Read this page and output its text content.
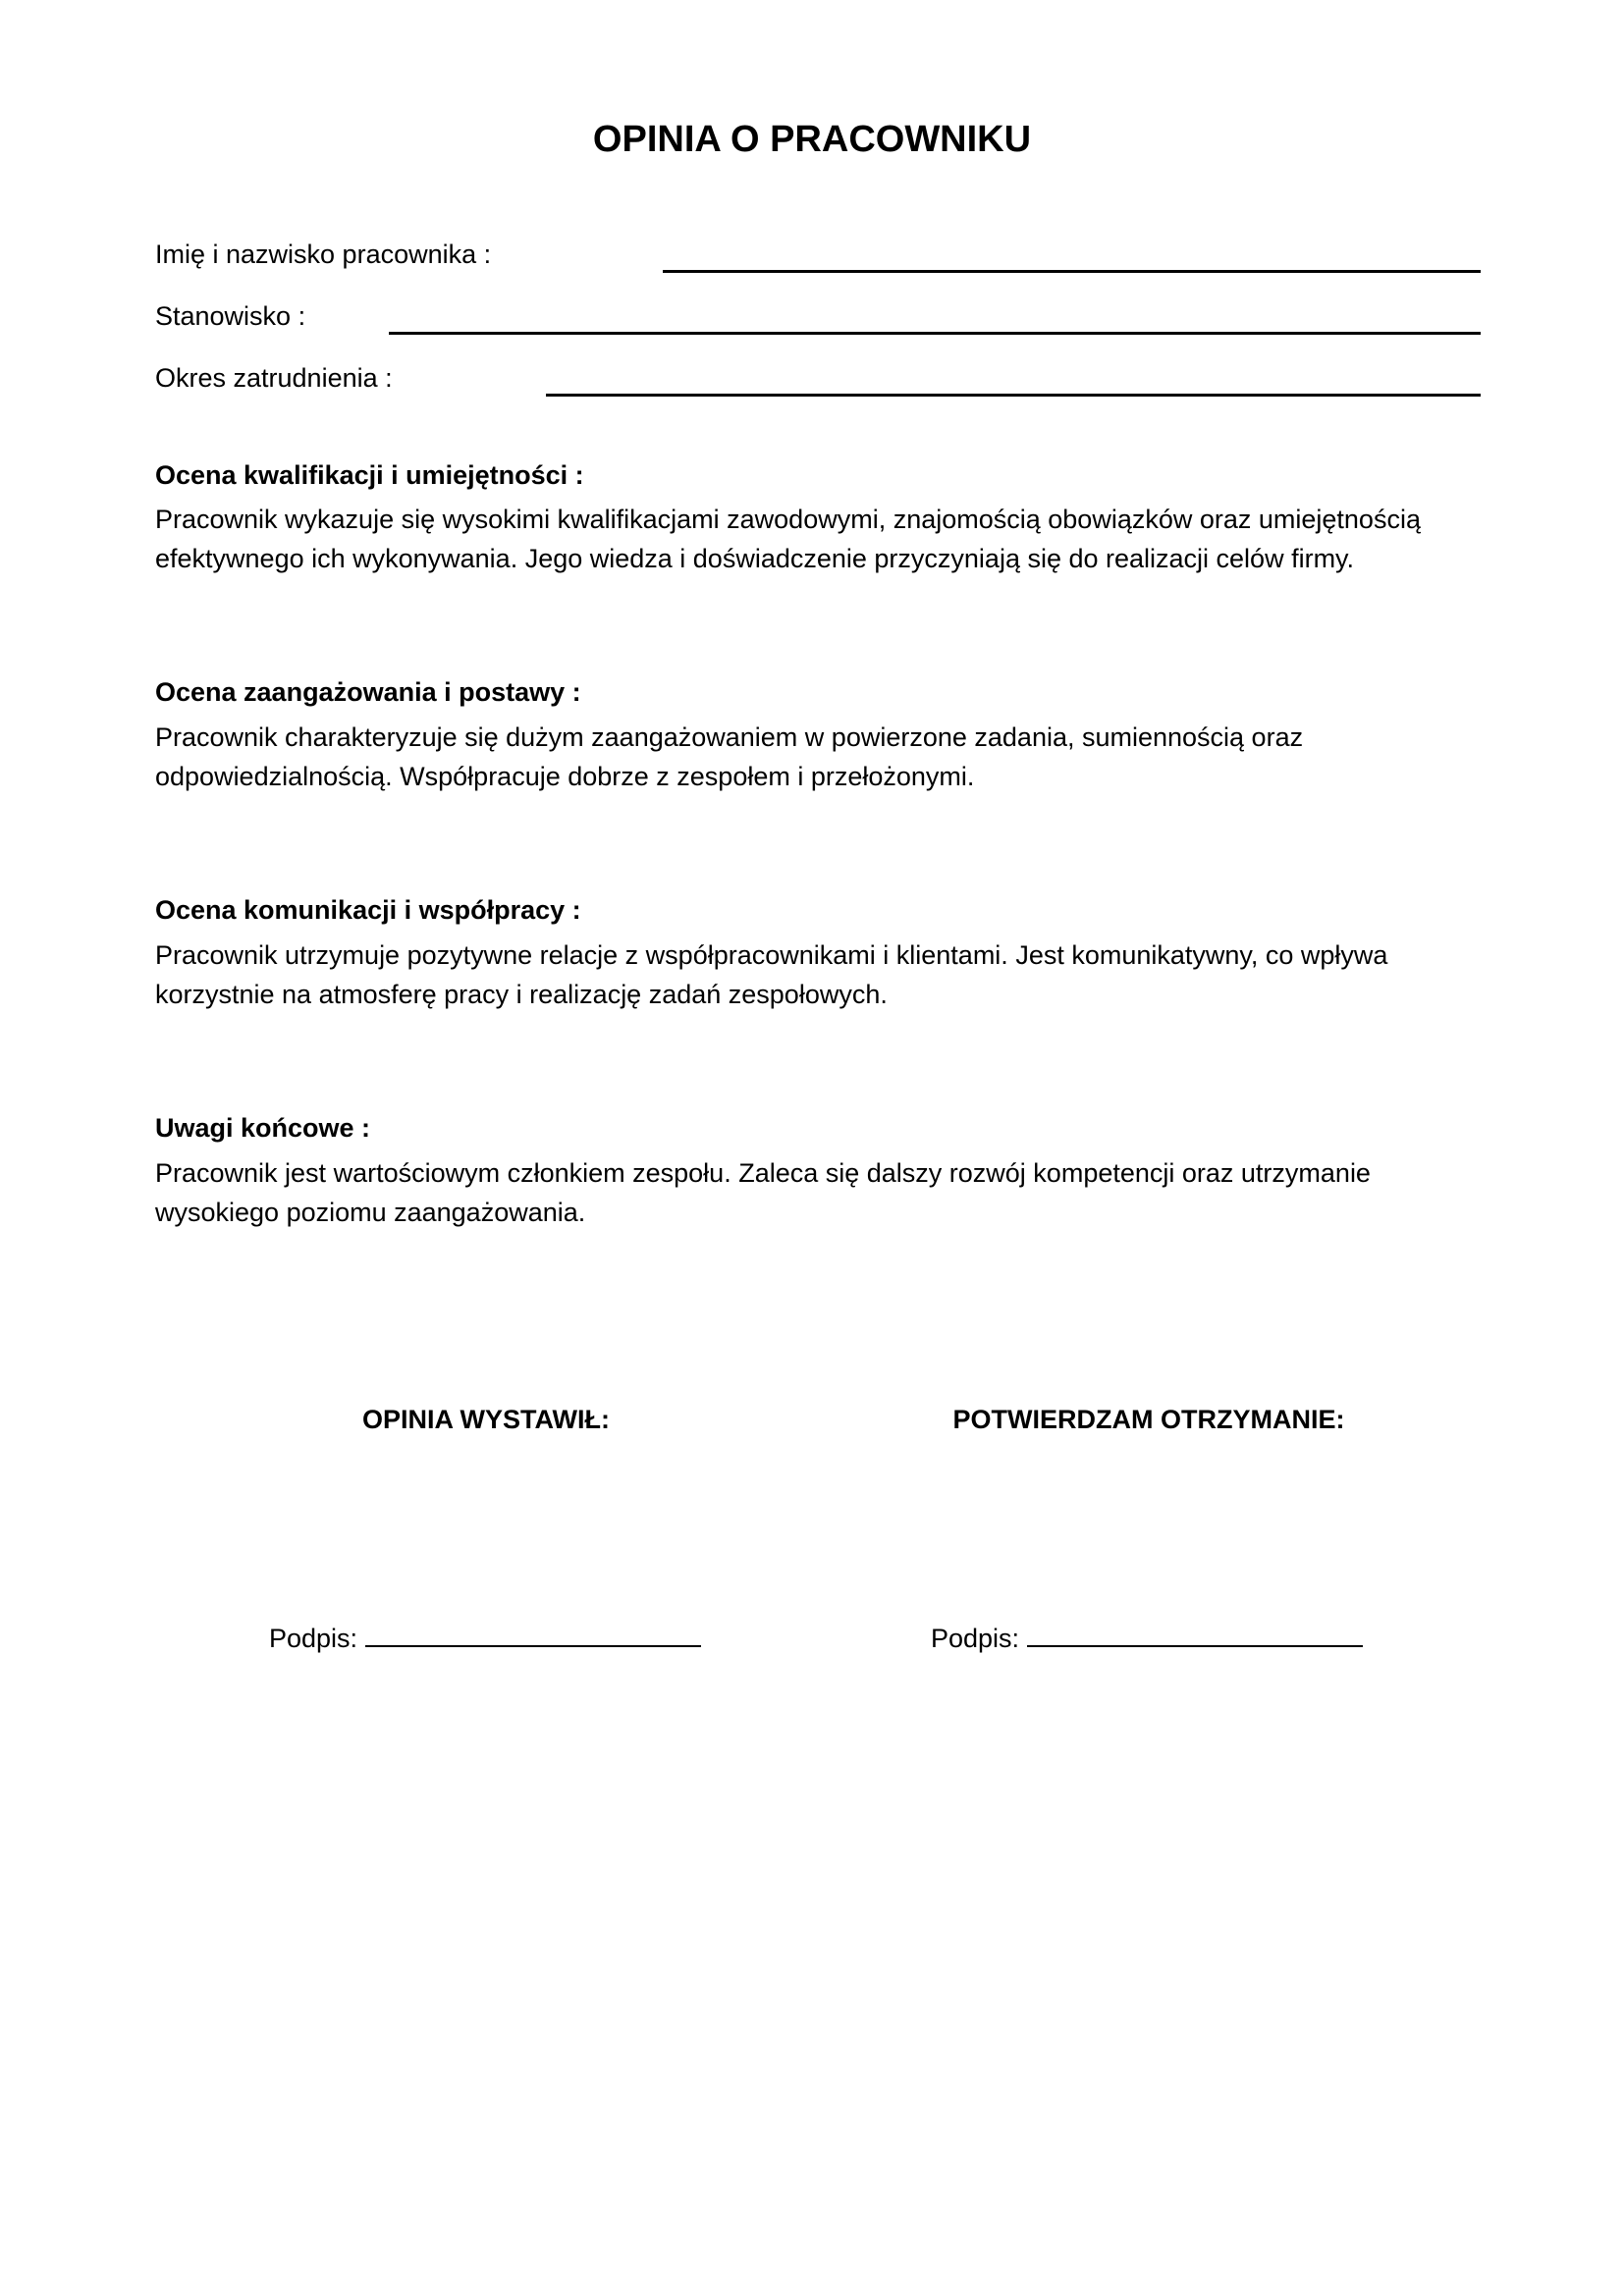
OPINIA O PRACOWNIKU
Imię i nazwisko pracownika :
Stanowisko :
Okres zatrudnienia :
Ocena kwalifikacji i umiejętności :

Pracownik wykazuje się wysokimi kwalifikacjami zawodowymi, znajomością obowiązków oraz umiejętnością efektywnego ich wykonywania. Jego wiedza i doświadczenie przyczyniają się do realizacji celów firmy.

Ocena zaangażowania i postawy :

Pracownik charakteryzuje się dużym zaangażowaniem w powierzone zadania, sumiennością oraz odpowiedzialnością. Współpracuje dobrze z zespołem i przełożonymi.

Ocena komunikacji i współpracy :

Pracownik utrzymuje pozytywne relacje z współpracownikami i klientami. Jest komunikatywny, co wpływa korzystnie na atmosferę pracy i realizację zadań zespołowych.

Uwagi końcowe :

Pracownik jest wartościowym członkiem zespołu. Zaleca się dalszy rozwój kompetencji oraz utrzymanie wysokiego poziomu zaangażowania.

OPINIA WYSTAWIŁ:	POTWIERDZAM OTRZYMANIE:
Podpis:	Podpis:
